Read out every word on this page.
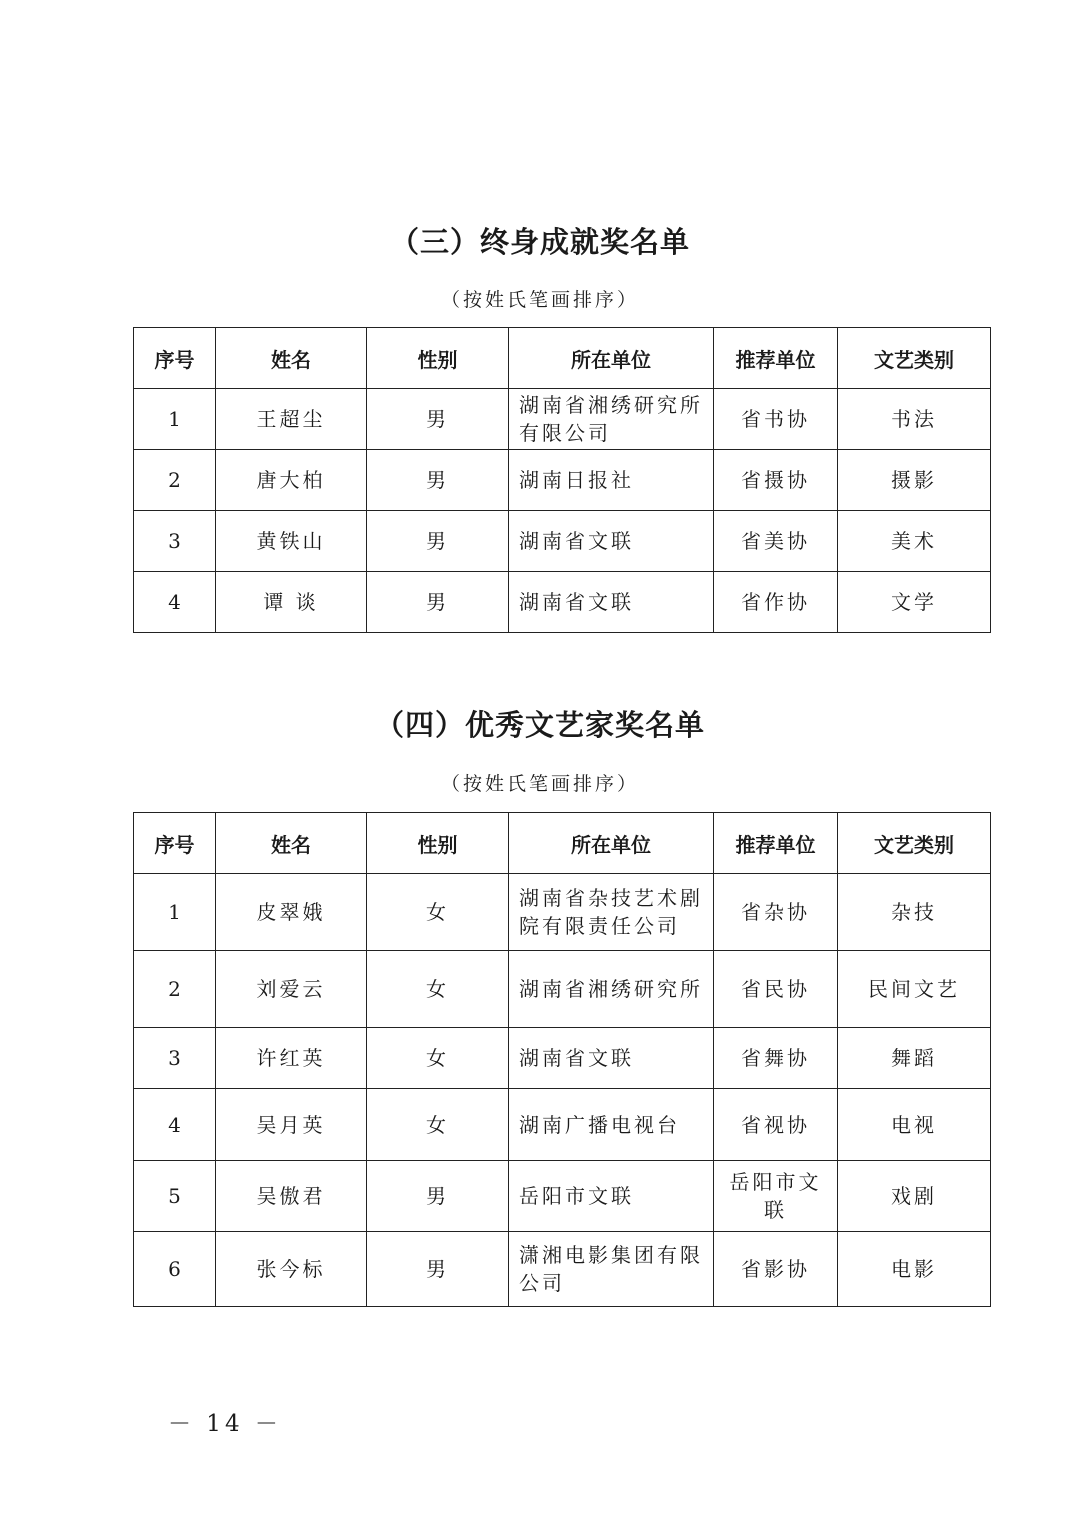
（三）终身成就奖名单

（按姓氏笔画排序）

序号	姓名	性别	所在单位	推荐单位	文艺类别
1	王超尘	男	湖南省湘绣研究所有限公司	省书协	书法
2	唐大柏	男	湖南日报社	省摄协	摄影
3	黄铁山	男	湖南省文联	省美协	美术
4	谭 谈	男	湖南省文联	省作协	文学
（四）优秀文艺家奖名单

（按姓氏笔画排序）

序号	姓名	性别	所在单位	推荐单位	文艺类别
1	皮翠娥	女	湖南省杂技艺术剧院有限责任公司	省杂协	杂技
2	刘爱云	女	湖南省湘绣研究所	省民协	民间文艺
3	许红英	女	湖南省文联	省舞协	舞蹈
4	吴月英	女	湖南广播电视台	省视协	电视
5	吴傲君	男	岳阳市文联	岳阳市文联	戏剧
6	张今标	男	潇湘电影集团有限公司	省影协	电影
－ 14 －
